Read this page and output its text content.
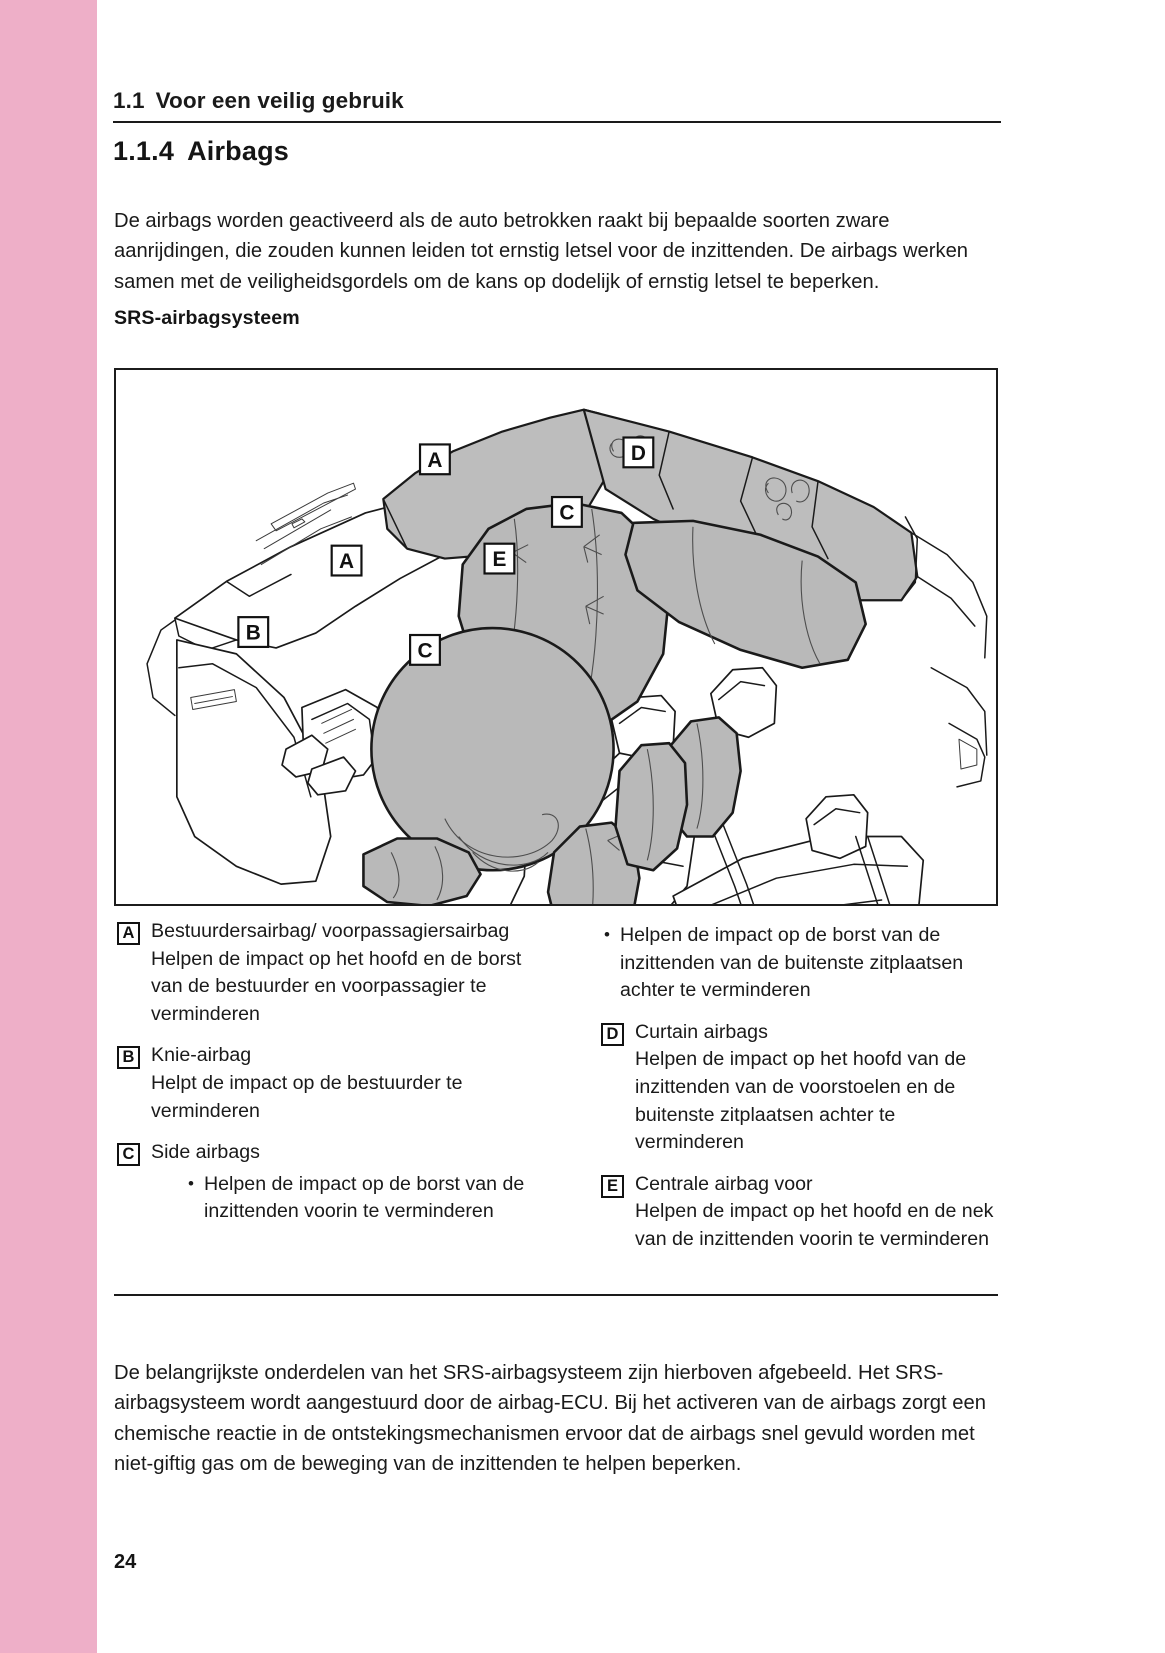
1.1 Voor een veilig gebruik
1.1.4 Airbags

De airbags worden geactiveerd als de auto betrokken raakt bij bepaalde soorten zware aanrijdingen, die zouden kunnen leiden tot ernstig letsel voor de inzittenden. De airbags werken samen met de veiligheidsgordels om de kans op dodelijk of ernstig letsel te beperken.

SRS-airbagsysteem
A
A
B
C
C
D
E
A Bestuurdersairbag/ voorpassagiersairbag
Helpen de impact op het hoofd en de borst van de bestuurder en voorpassagier te verminderen
B Knie-airbag
Helpt de impact op de bestuurder te verminderen
C Side airbags
• Helpen de impact op de borst van de inzittenden voorin te verminderen
• Helpen de impact op de borst van de inzittenden van de buitenste zitplaatsen achter te verminderen
D Curtain airbags
Helpen de impact op het hoofd van de inzittenden van de voorstoelen en de buitenste zitplaatsen achter te verminderen
E Centrale airbag voor
Helpen de impact op het hoofd en de nek van de inzittenden voorin te verminderen

De belangrijkste onderdelen van het SRS-airbagsysteem zijn hierboven afgebeeld. Het SRS-airbagsysteem wordt aangestuurd door de airbag-ECU. Bij het activeren van de airbags zorgt een chemische reactie in de ontstekingsmechanismen ervoor dat de airbags snel gevuld worden met niet-giftig gas om de beweging van de inzittenden te helpen beperken.

24
